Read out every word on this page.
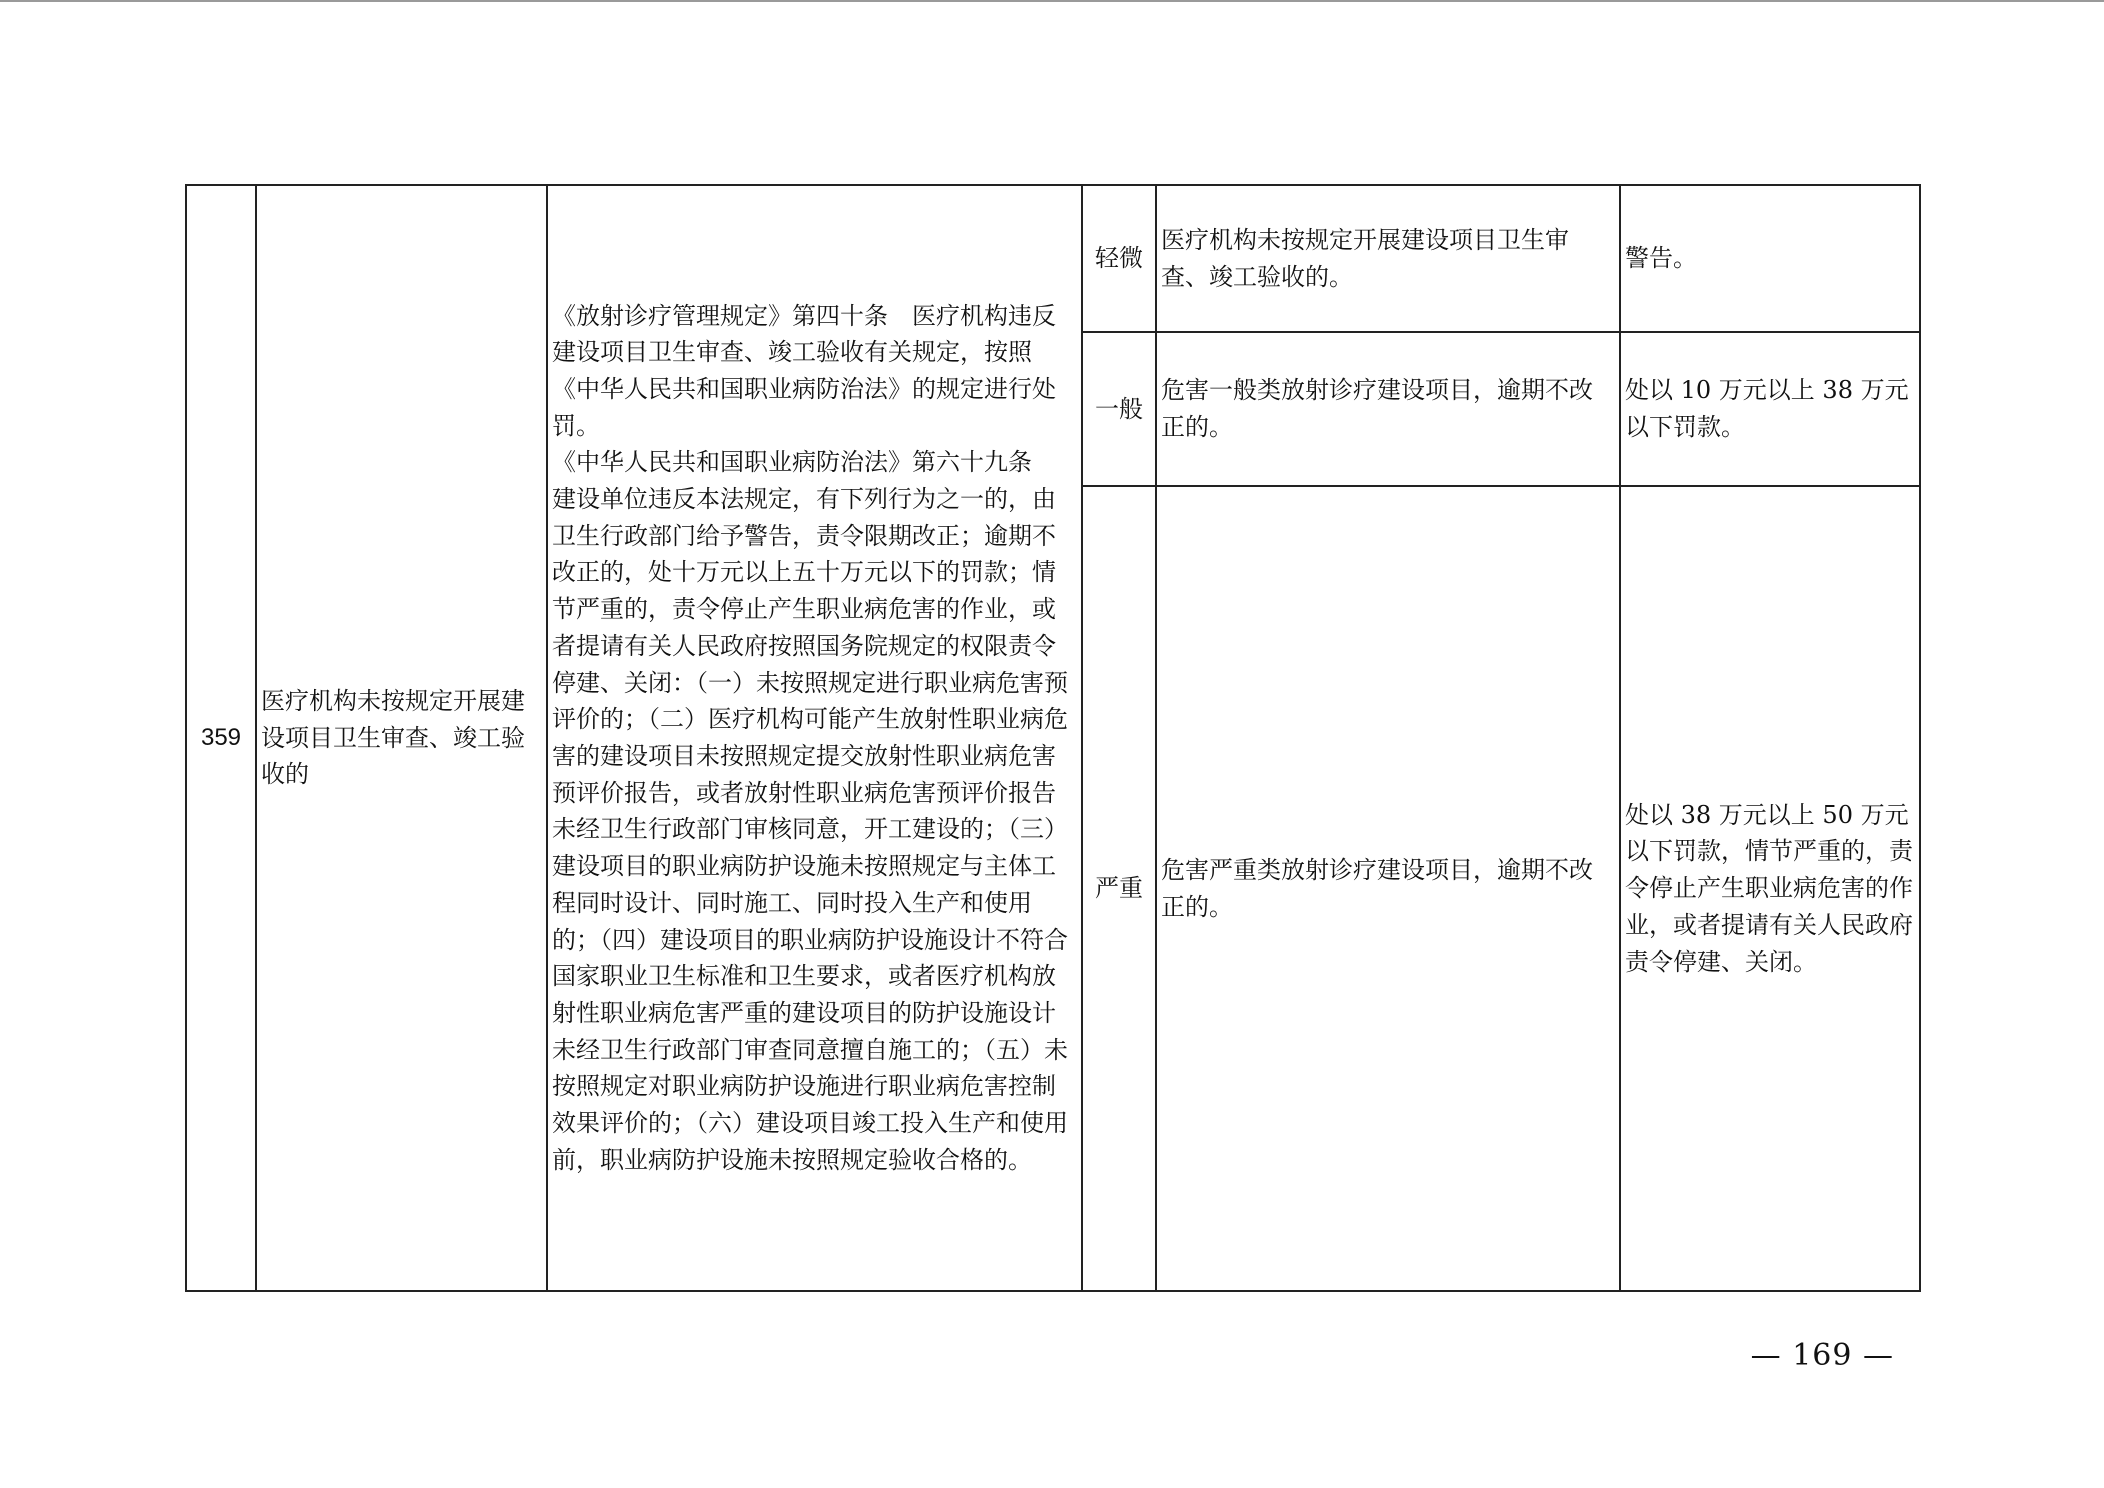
359	医疗机构未按规定开展建设项目卫生审查、竣工验收的	《放射诊疗管理规定》第四十条　医疗机构违反建设项目卫生审查、竣工验收有关规定，按照《中华人民共和国职业病防治法》的规定进行处罚。
《中华人民共和国职业病防治法》第六十九条　建设单位违反本法规定，有下列行为之一的，由卫生行政部门给予警告，责令限期改正；逾期不改正的，处十万元以上五十万元以下的罚款；情节严重的，责令停止产生职业病危害的作业，或者提请有关人民政府按照国务院规定的权限责令停建、关闭：（一）未按照规定进行职业病危害预评价的；（二）医疗机构可能产生放射性职业病危害的建设项目未按照规定提交放射性职业病危害预评价报告，或者放射性职业病危害预评价报告未经卫生行政部门审核同意，开工建设的；（三）建设项目的职业病防护设施未按照规定与主体工程同时设计、同时施工、同时投入生产和使用的；（四）建设项目的职业病防护设施设计不符合国家职业卫生标准和卫生要求，或者医疗机构放射性职业病危害严重的建设项目的防护设施设计未经卫生行政部门审查同意擅自施工的；（五）未按照规定对职业病防护设施进行职业病危害控制效果评价的；（六）建设项目竣工投入生产和使用前，职业病防护设施未按照规定验收合格的。	轻微	医疗机构未按规定开展建设项目卫生审查、竣工验收的。	警告。
			一般	危害一般类放射诊疗建设项目，逾期不改正的。	处以 10 万元以上 38 万元以下罚款。
			严重	危害严重类放射诊疗建设项目，逾期不改正的。	处以 38 万元以上 50 万元以下罚款，情节严重的，责令停止产生职业病危害的作业，或者提请有关人民政府责令停建、关闭。
— 169 —
